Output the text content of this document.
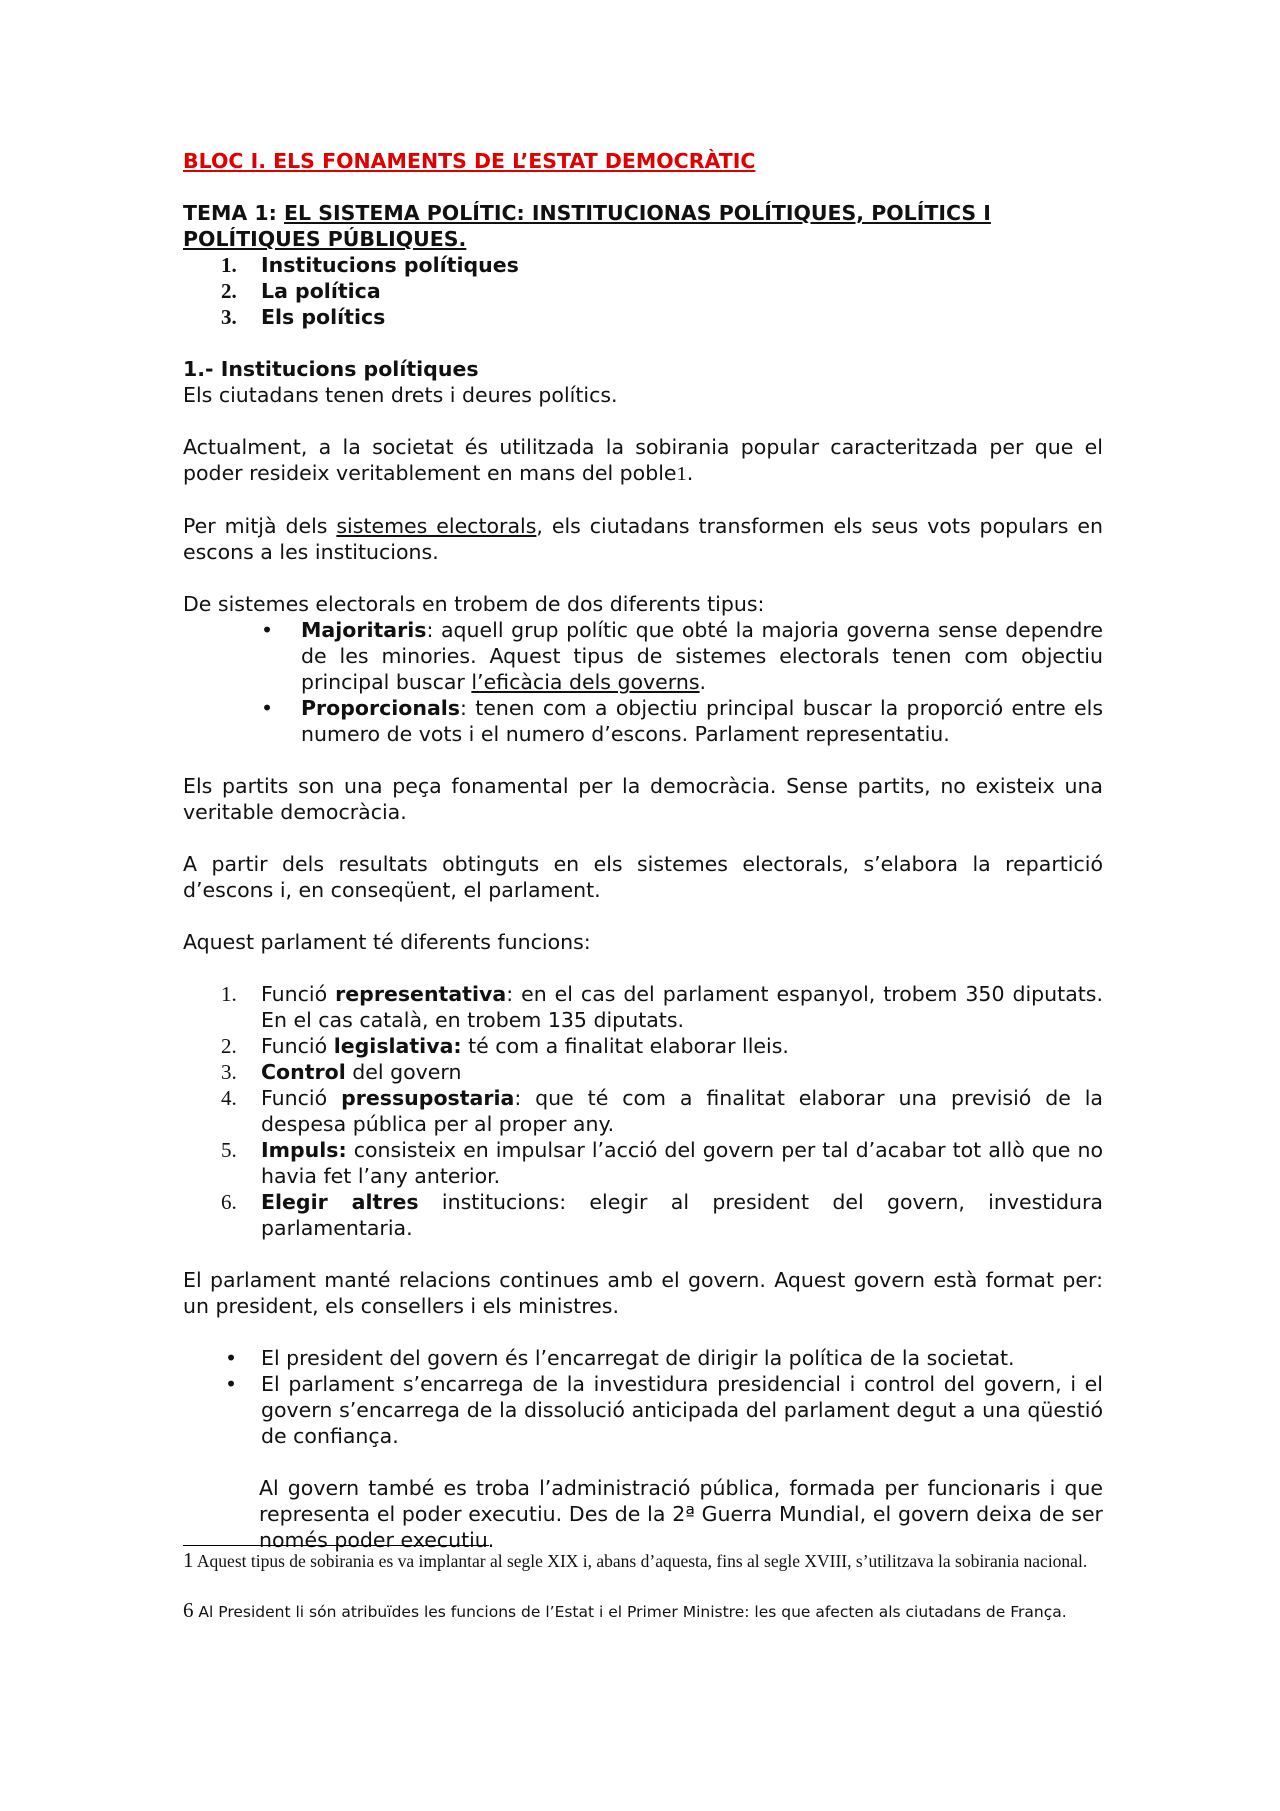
BLOC I. ELS FONAMENTS DE L’ESTAT DEMOCRÀTIC

TEMA 1: EL SISTEMA POLÍTIC: INSTITUCIONAS POLÍTIQUES, POLÍTICS I POLÍTIQUES PÚBLIQUES.

1.	Institucions polítiques
2.	La política
3.	Els polítics

1.- Institucions polítiques

Els ciutadans tenen drets i deures polítics.

Actualment, a la societat és utilitzada la sobirania popular caracteritzada per que el poder resideix veritablement en mans del poble1.

Per mitjà dels sistemes electorals, els ciutadans transformen els seus vots populars en escons a les institucions.

De sistemes electorals en trobem de dos diferents tipus:

• Majoritaris: aquell grup polític que obté la majoria governa sense dependre de les minories. Aquest tipus de sistemes electorals tenen com objectiu principal buscar l’eficàcia dels governs.
• Proporcionals: tenen com a objectiu principal buscar la proporció entre els numero de vots i el numero d’escons. Parlament representatiu.

Els partits son una peça fonamental per la democràcia. Sense partits, no existeix una veritable democràcia.

A partir dels resultats obtinguts en els sistemes electorals, s’elabora la repartició d’escons i, en conseqüent, el parlament.

Aquest parlament té diferents funcions:

1.	Funció representativa: en el cas del parlament espanyol, trobem 350 diputats. En el cas català, en trobem 135 diputats.
2.	Funció legislativa: té com a finalitat elaborar lleis.
3.	Control del govern
4.	Funció pressupostaria: que té com a finalitat elaborar una previsió de la despesa pública per al proper any.
5.	Impuls: consisteix en impulsar l’acció del govern per tal d’acabar tot allò que no havia fet l’any anterior.
6.	Elegir altres institucions: elegir al president del govern, investidura parlamentaria.

El parlament manté relacions continues amb el govern. Aquest govern està format per: un president, els consellers i els ministres.

• El president del govern és l’encarregat de dirigir la política de la societat.
• El parlament s’encarrega de la investidura presidencial i control del govern, i el govern s’encarrega de la dissolució anticipada del parlament degut a una qüestió de confiança.

Al govern també es troba l’administració pública, formada per funcionaris i que representa el poder executiu. Des de la 2ª Guerra Mundial, el govern deixa de ser només poder executiu.

1 Aquest tipus de sobirania es va implantar al segle XIX i, abans d’aquesta, fins al segle XVIII, s’utilitzava la sobirania nacional.

6 Al President li són atribuïdes les funcions de l’Estat i el Primer Ministre: les que afecten als ciutadans de França.
